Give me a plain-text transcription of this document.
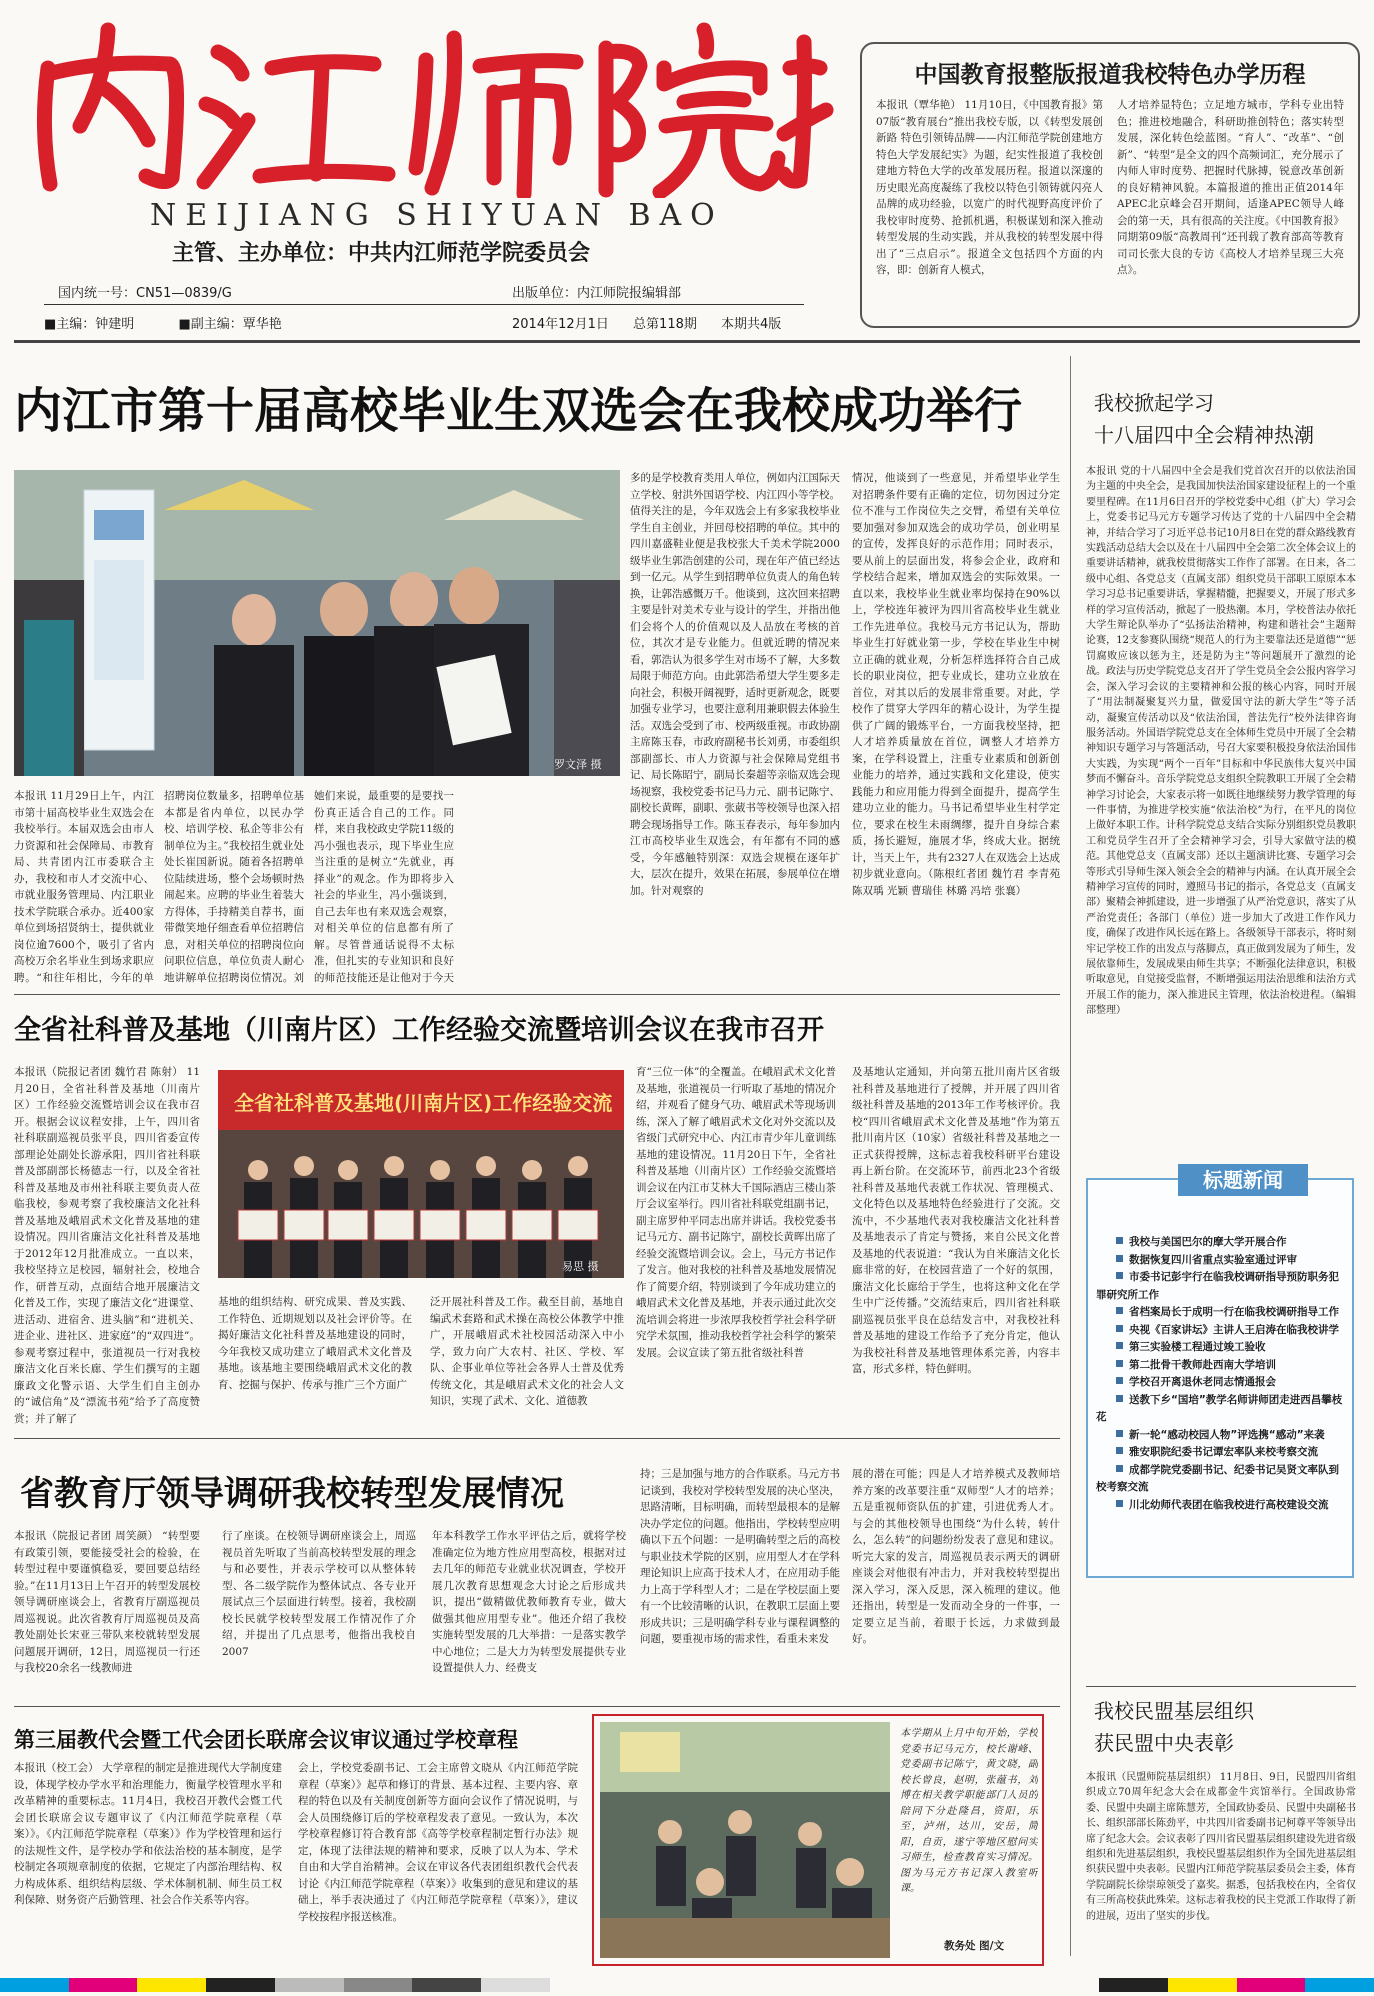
NEIJIANG SHIYUAN BAO
主管、主办单位：中共内江师范学院委员会
国内统一号：CN51—0839/G	出版单位：内江师院报编辑部
■主编：钟建明	■副主编：覃华艳	2014年12月1日 总第118期 本期共4版
中国教育报整版报道我校特色办学历程
本报讯（覃华艳） 11月10日，《中国教育报》第07版“教育展台”推出我校专版，以《转型发展创新路 特色引领铸品牌——内江师范学院创建地方特色大学发展纪实》为题，纪实性报道了我校创建地方特色大学的改革发展历程。报道以深邃的历史眼光高度凝练了我校以特色引领铸就闪亮人品牌的成功经验，以宽广的时代视野高度评价了我校审时度势、抢抓机遇，积极谋划和深入推动转型发展的生动实践，并从我校的转型发展中得出了“三点启示”。报道全文包括四个方面的内容，即：创新育人模式，
人才培养显特色；立足地方城市，学科专业出特色；推进校地融合，科研助推创特色；落实转型发展，深化转色绘蓝图。“育人”、“改革”、“创新”、“转型”是全文的四个高频词汇，充分展示了内师人审时度势、把握时代脉搏，锐意改革创新的良好精神风貌。本篇报道的推出正值2014年APEC北京峰会召开期间，适逢APEC领导人峰会的第一天，具有很高的关注度。《中国教育报》同期第09版“高教周刊”还刊载了教育部高等教育司司长张大良的专访《高校人才培养呈现三大亮点》。
内江市第十届高校毕业生双选会在我校成功举行
罗文泽 摄
本报讯 11月29日上午，内江市第十届高校毕业生双选会在我校举行。本届双选会由市人力资源和社会保障局、市教育局、共青团内江市委联合主办，我校和市人才交流中心、市就业服务管理局、内江职业技术学院联合承办。近400家单位到场招贤纳士，提供就业岗位逾7600个，吸引了省内高校万余名毕业生到场求职应聘。“和往年相比，今年的单
招聘岗位数量多，招聘单位基本都是省内单位，以民办学校、培训学校、私企等非公有制单位为主。”我校招生就业处处长崔国新说。随着各招聘单位陆续进场，整个会场顿时热闹起来。应聘的毕业生着装大方得体，手持精美自荐书，面带微笑地仔细查看单位招聘信息，对相关单位的招聘岗位向问职位信息，单位负责人耐心地讲解单位招聘岗位情况。刘
她们来说，最重要的是要找一份真正适合自己的工作。同样，来自我校政史学院11级的冯小强也表示，现下毕业生应当注重的是树立“先就业，再择业”的观念。作为即将步入社会的毕业生，冯小强谈到，自己去年也有来双选会观察，对相关单位的信息都有所了解。尽管普通话说得不太标准，但扎实的专业知识和良好的师范技能还是让他对于今天
多的是学校教育类用人单位，例如内江国际天立学校、射洪外国语学校、内江四小等学校。值得关注的是，今年双选会上有多家我校毕业学生自主创业，并回母校招聘的单位。其中的四川嘉盛鞋业便是我校张大千美术学院2000级毕业生郭浩创建的公司，现在年产值已经达到一亿元。从学生到招聘单位负责人的角色转换，让郭浩感慨万千。他谈到，这次回来招聘主要是针对美术专业与设计的学生，并指出他们会将个人的价值观以及人品放在考核的首位，其次才是专业能力。但就近聘的情况来看，郭浩认为很多学生对市场不了解，大多数局限于师范方向。由此郭浩希望大学生要多走向社会，积极开阔视野，适时更新观念，既要加强专业学习，也要注意利用兼职假去体验生活。双选会受到了市、校两级重视。市政协副主席陈玉春，市政府副秘书长刘勇，市委组织部副部长、市人力资源与社会保障局党组书记、局长陈昭宁，副局长秦超等亲临双选会现场视察，我校党委书记马力元、副书记陈宁、副校长黄晖，副职、张葳书等校领导也深入招聘会现场指导工作。陈玉春表示，每年参加内江市高校毕业生双选会，有年都有不同的感受，今年感触特别深：双选会规模在逐年扩大，层次在提升，效果在拓展，参展单位在增加。针对观察的
情况，他谈到了一些意见，并希望毕业学生对招聘条件要有正确的定位，切勿因过分定位不准与工作岗位失之交臂，希望有关单位要加强对参加双选会的成功学员，创业明星的宣传，发挥良好的示范作用；同时表示，要从前上的层面出发，将参会企业，政府和学校结合起来，增加双选会的实际效果。一直以来，我校毕业生就业率均保持在90%以上，学校连年被评为四川省高校毕业生就业工作先进单位。我校马元方书记认为，帮助毕业生打好就业第一步，学校在毕业生中树立正确的就业观，分析怎样选择符合自己成长的职业岗位，把专业成长，建功立业放在首位，对其以后的发展非常重要。对此，学校作了贯穿大学四年的精心设计，为学生提供了广阔的锻炼平台，一方面我校坚持，把人才培养质量放在首位，调整人才培养方案，在学科设置上，注重专业素质和创新创业能力的培养，通过实践和文化建设，使实践能力和应用能力得到全面提升，提高学生建功立业的能力。马书记希望毕业生村学定位，要求在校生未雨绸缪，提升自身综合素质，扬长避短，施展才华，终成大业。据统计，当天上午，共有2327人在双选会上达成初步就业意向。（陈根红者团 魏竹君 李青苑 陈双瑀 光颖 曹瑞佳 林璐 冯培 张襄）
我校掀起学习
十八届四中全会精神热潮
本报讯 党的十八届四中全会是我们党首次召开的以依法治国为主题的中央全会，是我国加快法治国家建设征程上的一个重要里程碑。在11月6日召开的学校党委中心组（扩大）学习会上，党委书记马元方专题学习传达了党的十八届四中全会精神，并结合学习了习近平总书记10月8日在党的群众路线教育实践活动总结大会以及在十八届四中全会第二次全体会议上的重要讲话精神，就我校贯彻落实工作作了部署。在日来，各二级中心组、各党总支（直属支部）组织党员干部职工原原本本学习习总书记重要讲话，掌握精髓，把握要义，开展了形式多样的学习宣传活动，掀起了一股热潮。本月，学校普法办依托大学生辩论队举办了“弘扬法治精神，构建和谐社会”主题辩论赛，12支参赛队围绕“规范人的行为主要靠法还是道德”“惩罚腐败应该以惩为主，还是防为主”等问题展开了激烈的论战。政法与历史学院党总支召开了学生党员全会公报内容学习会，深入学习会议的主要精神和公报的核心内容，同时开展了“用法制凝聚复兴力量，做爱国守法的新大学生”等子活动，凝聚宣传活动以及“依法治国，普法先行”校外法律咨询服务活动。外国语学院党总支在全体师生党员中开展了全会精神知识专题学习与答题活动，号召大家要积极投身依法治国伟大实践，为实现“两个一百年”目标和中华民族伟大复兴中国梦而不懈奋斗。音乐学院党总支组织全院教职工开展了全会精神学习讨论会，大家表示将一如既往地继续努力教学管理的每一件事情，为推进学校实施“依法治校”为行，在平凡的岗位上做好本职工作。计科学院党总支结合实际分别组织党员教职工和党员学生召开了全会精神学习会，引导大家做守法的模范。其他党总支（直属支部）还以主题演讲比赛、专题学习会等形式引导师生深入领会全会的精神与内涵。在认真开展全会精神学习宣传的同时，遵照马书记的指示，各党总支（直属支部）聚精会神抓建设，进一步增强了从严治党意识，落实了从严治党责任；各部门（单位）进一步加大了改进工作作风力度，确保了改进作风长远在路上。各级领导干部表示，将时刻牢记学校工作的出发点与落脚点，真正做到发展为了师生，发展依靠师生，发展成果由师生共享；不断强化法律意识，积极听取意见，自觉接受监督，不断增强运用法治思维和法治方式开展工作的能力，深入推进民主管理，依法治校进程。（编辑部整理）
标题新闻
我校与美国巴尔的摩大学开展合作
数据恢复四川省重点实验室通过评审
市委书记彭宇行在临我校调研指导预防职务犯罪研究所工作
省档案局长于成明一行在临我校调研指导工作
央视《百家讲坛》主讲人王启涛在临我校讲学
第三实验楼工程通过竣工验收
第二批骨干教师赴西南大学培训
学校召开离退休老同志情通报会
送教下乡“国培”教学名师讲师团走进西昌攀枝花
新一轮“感动校园人物”评选携“感动”来袭
雅安职院纪委书记谭宏率队来校考察交流
成都学院党委副书记、纪委书记吴贤文率队到校考察交流
川北幼师代表团在临我校进行高校建设交流
全省社科普及基地（川南片区）工作经验交流暨培训会议在我市召开
本报讯（院报记者团 魏竹君 陈射） 11月20日，全省社科普及基地（川南片区）工作经验交流暨培训会议在我市召开。根据会议议程安排，上午，四川省社科联副巡视员张平良，四川省委宣传部理论处副处长游承阳，四川省社科联普及部副部长杨德志一行，以及全省社科普及基地及市州社科联主要负责人莅临我校，参观考察了我校廉洁文化社科普及基地及峨眉武术文化普及基地的建设情况。四川省廉洁文化社科普及基地于2012年12月批准成立。一直以来，我校坚持立足校园，辐射社会，校地合作，研普互动，点面结合地开展廉洁文化普及工作，实现了廉洁文化“进课堂、进活动、进宿舍、进头脑”和“进机关、进企业、进社区、进家庭”的“双四进”。参观考察过程中，张道视员一行对我校廉洁文化百米长廊、学生们撰写的主题廉政文化警示语、大学生们自主创办的“诚信角”及“漂流书苑”给予了高度赞赏；并了解了
全省社科普及基地(川南片区)工作经验交流
易思 摄
基地的组织结构、研究成果、普及实践、工作特色、近期规划以及社会评价等。在揭好廉洁文化社科普及基地建设的同时，今年我校又成功建立了峨眉武术文化普及基地。该基地主要围绕峨眉武术文化的教育、挖掘与保护、传承与推广三个方面广
泛开展社科普及工作。截至目前，基地自编武术套路和武术操在高校公体教学中推广，开展峨眉武术社校园活动深入中小学，致力向广大农村、社区、学校、军队、企事业单位等社会各界人士普及优秀传统文化，其是峨眉武术文化的社会人文知识，实现了武术、文化、道德教
育“三位一体”的全覆盖。在峨眉武术文化普及基地，张道视员一行听取了基地的情况介绍，并观看了健身气功、峨眉武术等现场训练，深入了解了峨眉武术文化对外交流以及省级门式研究中心、内江市青少年儿童训练基地的建设情况。11月20日下午，全省社科普及基地（川南片区）工作经验交流暨培训会议在内江市艾林大千国际酒店三楼山茶厅会议室举行。四川省社科联党组副书记，副主席罗仲平同志出席并讲话。我校党委书记马元方、副书记陈宁，副校长黄晖出席了经验交流暨培训会议。会上，马元方书记作了发言。他对我校的社科普及基地发展情况作了简要介绍，特别谈到了今年成功建立的峨眉武术文化普及基地，并表示通过此次交流培训会将进一步浓厚我校哲学社会科学研究学术氛围，推动我校哲学社会科学的繁荣发展。会议宣读了第五批省级社科普
及基地认定通知，并向第五批川南片区省级社科普及基地进行了授牌，并开展了四川省级社科普及基地的2013年工作考核评价。我校“四川省峨眉武术文化普及基地”作为第五批川南片区（10家）省级社科普及基地之一正式获得授牌，这标志着我校科研平台建设再上新台阶。在交流环节，前西北23个省级社科普及基地代表就工作状况、管理模式、文化特色以及基地特色经验进行了交流。交流中，不少基地代表对我校廉洁文化社科普及基地表示了肯定与赞扬，来自公民文化普及基地的代表说道：“我认为自米廉洁文化长廊非常的好，在校园营造了一个好的氛围，廉洁文化长廊给于学生，也将这种文化在学生中广泛传播。”交流结束后，四川省社科联副巡视员张平良在总结发言中，对我校社科普及基地的建设工作给予了充分肯定，他认为我校社科普及基地管理体系完善，内容丰富，形式多样，特色鲜明。
省教育厅领导调研我校转型发展情况
本报讯（院报记者团 周笑颜） “转型要有政策引领，要能接受社会的检验，在转型过程中要谨慎稳妥，要回要总结经验。”在11月13日上午召开的转型发展校领导调研座谈会上，省教育厅副巡视员周巡视说。此次省教育厅周巡视员及高教处副处长宋亚三带队来校就转型发展问题展开调研，12日，周巡视员一行还与我校20余名一线教师进
行了座谈。在校领导调研座谈会上，周巡视员首先听取了当前高校转型发展的理念与和必要性，并表示学校可以从整体转型、各二级学院作为整体试点、各专业开展试点三个层面进行转型。接着，我校副校长民就学校转型发展工作情况作了介绍，并提出了几点思考，他指出我校自2007
年本科教学工作水平评估之后，就将学校准确定位为地方性应用型高校，根据对过去几年的师范专业就业状况调查，学校开展几次教育思想观念大讨论之后形成共识，提出“做精做优教师教育专业，做大做强其他应用型专业”。他还介绍了我校实施转型发展的几大举措：一是落实教学中心地位；二是大力为转型发展提供专业设置提供人力、经费支
持；三是加强与地方的合作联系。马元方书记谈到，我校对学校转型发展的决心坚决，思路清晰，目标明确，而转型最根本的是解决办学定位的问题。他指出，学校转型应明确以下五个问题：一是明确转型之后的高校与职业技术学院的区别，应用型人才在学科理论知识上应高于技术人才，在应用动手能力上高于学科型人才；二是在学校层面上要有一个比较清晰的认识，在教职工层面上要形成共识；三是明确学科专业与课程调整的问题，要重视市场的需求性，看重未来发
展的潜在可能；四是人才培养模式及教师培养方案的改革要注重“双师型”人才的培养；五是重视师资队伍的扩建，引进优秀人才。与会的其他校领导也围绕“为什么转，转什么，怎么转”的问题纷纷发表了意见和建议。听完大家的发言，周巡视员表示两天的调研座谈会对他很有冲击力，并对我校转型提出深入学习，深入反思，深入梳理的建议。他还指出，转型是一发而动全身的一件事，一定要立足当前，着眼于长远，力求做到最好。
第三届教代会暨工代会团长联席会议审议通过学校章程
本报讯（校工会） 大学章程的制定是推进现代大学制度建设，体现学校办学水平和治理能力，衡量学校管理水平和改革精神的重要标志。11月4日，我校召开教代会暨工代会团长联席会议专题审议了《内江师范学院章程（草案）》。《内江师范学院章程（草案）》作为学校管理和运行的法规性文件，是学校办学和依法治校的基本制度，是学校制定各项规章制度的依据，它规定了内部治理结构、权力构成体系、组织结构层级、学术体制机制、师生员工权利保障、财务资产后勤管理、社会合作关系等内容。
会上，学校党委副书记、工会主席曾文晓从《内江师范学院章程（草案）》起草和修订的背景、基本过程、主要内容、章程的特色以及有关制度创新等方面向会议作了情况说明，与会人员围绕修订后的学校章程发表了意见。一致认为，本次学校章程修订符合教育部《高等学校章程制定暂行办法》规定，体现了法律法规的精神和要求，反映了以人为本、学术自由和大学自治精神。会议在审议各代表团组织教代会代表讨论《内江师范学院章程（草案）》收集到的意见和建议的基础上，举手表决通过了《内江师范学院章程（草案）》，建议学校按程序报送核准。
本学期从上月中旬开始，学校党委书记马元方，校长谢峰、党委副书记陈宁，黄文晓，副校长曾良，赵明，张蕴书，刘博在相关教学职能部门人员的陪同下分赴隆昌，资阳，乐至，泸州，达川，安岳，简阳，自贡，遂宁等地区慰问实习师生，检查教育实习情况。图为马元方书记深入教室听课。
教务处 图/文
我校民盟基层组织
获民盟中央表彰
本报讯（民盟师院基层组织） 11月8日、9日，民盟四川省组织成立70周年纪念大会在成都金牛宾馆举行。全国政协常委、民盟中央副主席陈慧芳，全国政协委员、民盟中央副秘书长、组织部部长陈劲平，中共四川省委副书记柯尊平等领导出席了纪念大会。会议表彰了四川省民盟基层组织建设先进省级组织和先进基层组织，我校民盟基层组织作为全国先进基层组织获民盟中央表彰。民盟内江师范学院基层委员会主委，体育学院副院长徐崇琼领受了嘉奖。据悉，包括我校在内，全省仅有三所高校获此殊荣。这标志着我校的民主党派工作取得了新的进展，迈出了坚实的步伐。
